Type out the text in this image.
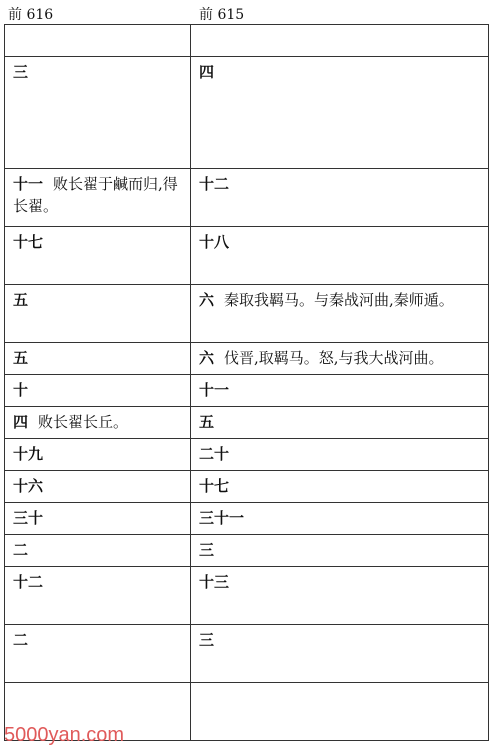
前 616	前 615

三	四
十一 败长翟于鹹而归,得长翟。	十二
十七	十八
五	六 秦取我羁马。与秦战河曲,秦师遁。
五	六 伐晋,取羁马。怒,与我大战河曲。
十	十一
四 败长翟长丘。	五
十九	二十
十六	十七
三十	三十一
二	三
十二	十三
二	三

5000yan.com
